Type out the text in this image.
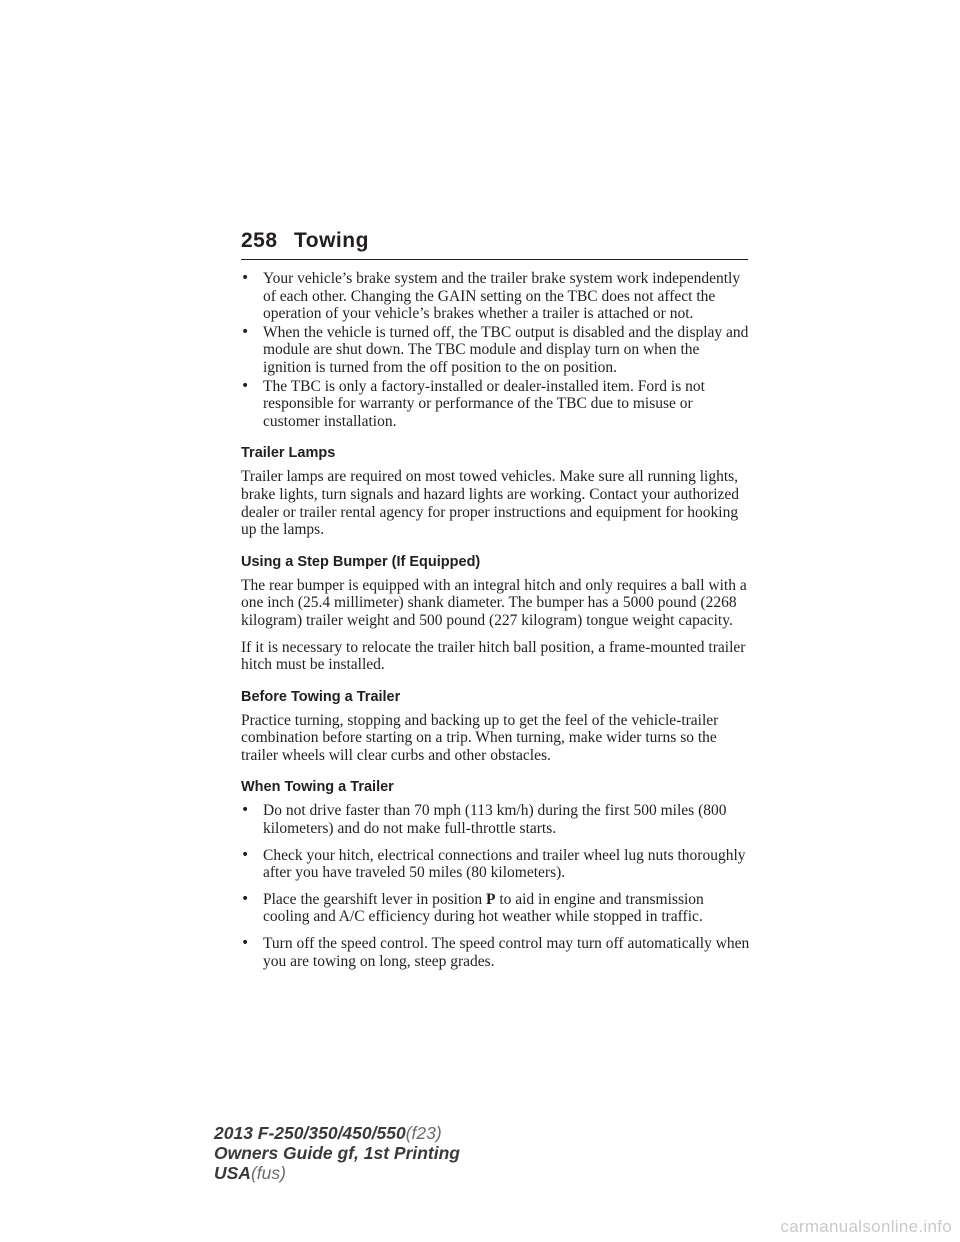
258 Towing
• Your vehicle’s brake system and the trailer brake system work independently of each other. Changing the GAIN setting on the TBC does not affect the operation of your vehicle’s brakes whether a trailer is attached or not.
• When the vehicle is turned off, the TBC output is disabled and the display and module are shut down. The TBC module and display turn on when the ignition is turned from the off position to the on position.
• The TBC is only a factory-installed or dealer-installed item. Ford is not responsible for warranty or performance of the TBC due to misuse or customer installation.
Trailer Lamps

Trailer lamps are required on most towed vehicles. Make sure all running lights, brake lights, turn signals and hazard lights are working. Contact your authorized dealer or trailer rental agency for proper instructions and equipment for hooking up the lamps.

Using a Step Bumper (If Equipped)

The rear bumper is equipped with an integral hitch and only requires a ball with a one inch (25.4 millimeter) shank diameter. The bumper has a 5000 pound (2268 kilogram) trailer weight and 500 pound (227 kilogram) tongue weight capacity.

If it is necessary to relocate the trailer hitch ball position, a frame-mounted trailer hitch must be installed.

Before Towing a Trailer

Practice turning, stopping and backing up to get the feel of the vehicle-trailer combination before starting on a trip. When turning, make wider turns so the trailer wheels will clear curbs and other obstacles.

When Towing a Trailer
• Do not drive faster than 70 mph (113 km/h) during the first 500 miles (800 kilometers) and do not make full-throttle starts.
• Check your hitch, electrical connections and trailer wheel lug nuts thoroughly after you have traveled 50 miles (80 kilometers).
• Place the gearshift lever in position P to aid in engine and transmission cooling and A/C efficiency during hot weather while stopped in traffic.
• Turn off the speed control. The speed control may turn off automatically when you are towing on long, steep grades.
2013 F-250/350/450/550(f23)
Owners Guide gf, 1st Printing
USA(fus)
carmanualsonline.info
